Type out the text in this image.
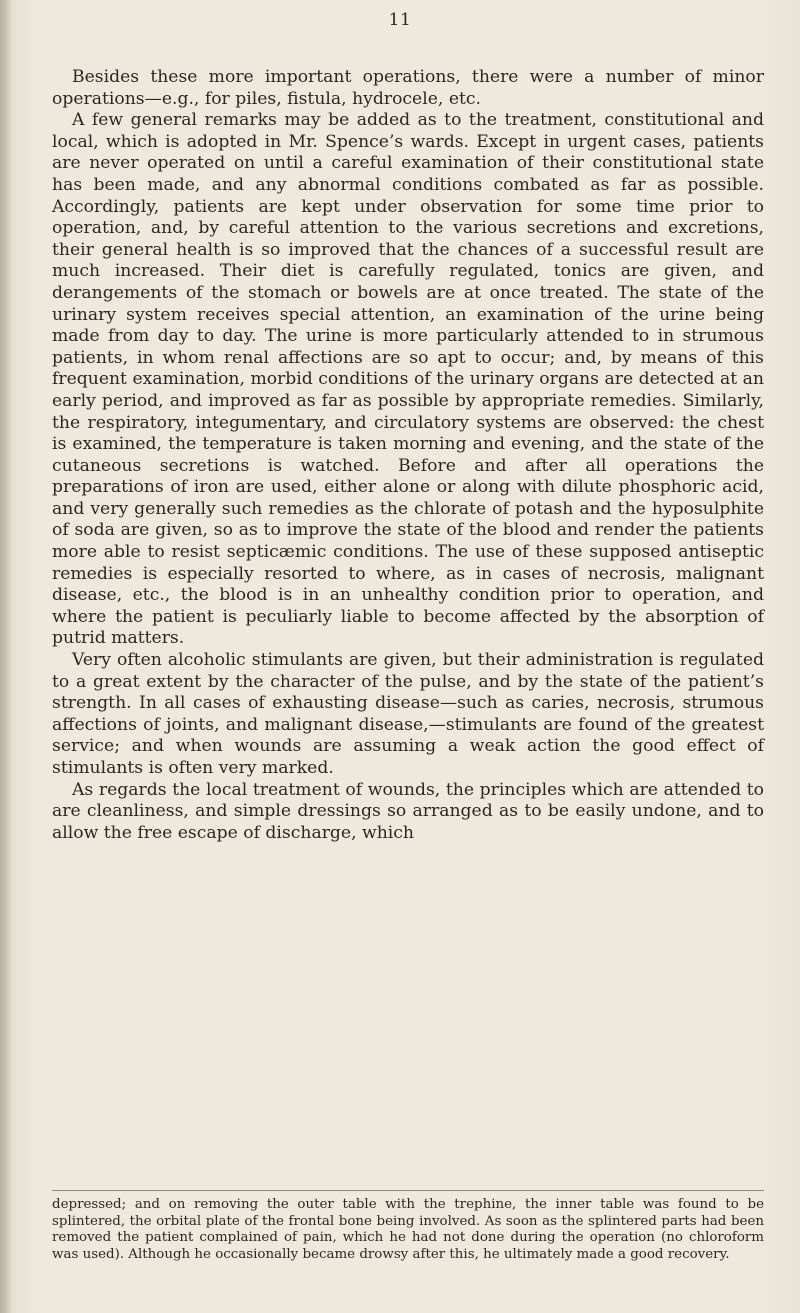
11

Besides these more important operations, there were a number of minor operations—e.g., for piles, fistula, hydrocele, etc.

A few general remarks may be added as to the treatment, constitutional and local, which is adopted in Mr. Spence’s wards. Except in urgent cases, patients are never operated on until a careful examination of their constitutional state has been made, and any abnormal conditions combated as far as possible. Accordingly, patients are kept under observation for some time prior to operation, and, by careful attention to the various secretions and excretions, their general health is so improved that the chances of a successful result are much increased. Their diet is carefully regulated, tonics are given, and derangements of the stomach or bowels are at once treated. The state of the urinary system receives special attention, an examination of the urine being made from day to day. The urine is more particularly attended to in strumous patients, in whom renal affections are so apt to occur; and, by means of this frequent examination, morbid conditions of the urinary organs are detected at an early period, and improved as far as possible by appropriate remedies. Similarly, the respiratory, integumentary, and circulatory systems are observed: the chest is examined, the temperature is taken morning and evening, and the state of the cutaneous secretions is watched. Before and after all operations the preparations of iron are used, either alone or along with dilute phosphoric acid, and very generally such remedies as the chlorate of potash and the hyposulphite of soda are given, so as to improve the state of the blood and render the patients more able to resist septicæmic conditions. The use of these supposed antiseptic remedies is especially resorted to where, as in cases of necrosis, malignant disease, etc., the blood is in an unhealthy condition prior to operation, and where the patient is peculiarly liable to become affected by the absorption of putrid matters.

Very often alcoholic stimulants are given, but their administration is regulated to a great extent by the character of the pulse, and by the state of the patient’s strength. In all cases of exhausting disease—such as caries, necrosis, strumous affections of joints, and malignant disease,—stimulants are found of the greatest service; and when wounds are assuming a weak action the good effect of stimulants is often very marked.

As regards the local treatment of wounds, the principles which are attended to are cleanliness, and simple dressings so arranged as to be easily undone, and to allow the free escape of discharge, which

depressed; and on removing the outer table with the trephine, the inner table was found to be splintered, the orbital plate of the frontal bone being involved. As soon as the splintered parts had been removed the patient complained of pain, which he had not done during the operation (no chloroform was used). Although he occasionally became drowsy after this, he ultimately made a good recovery.
